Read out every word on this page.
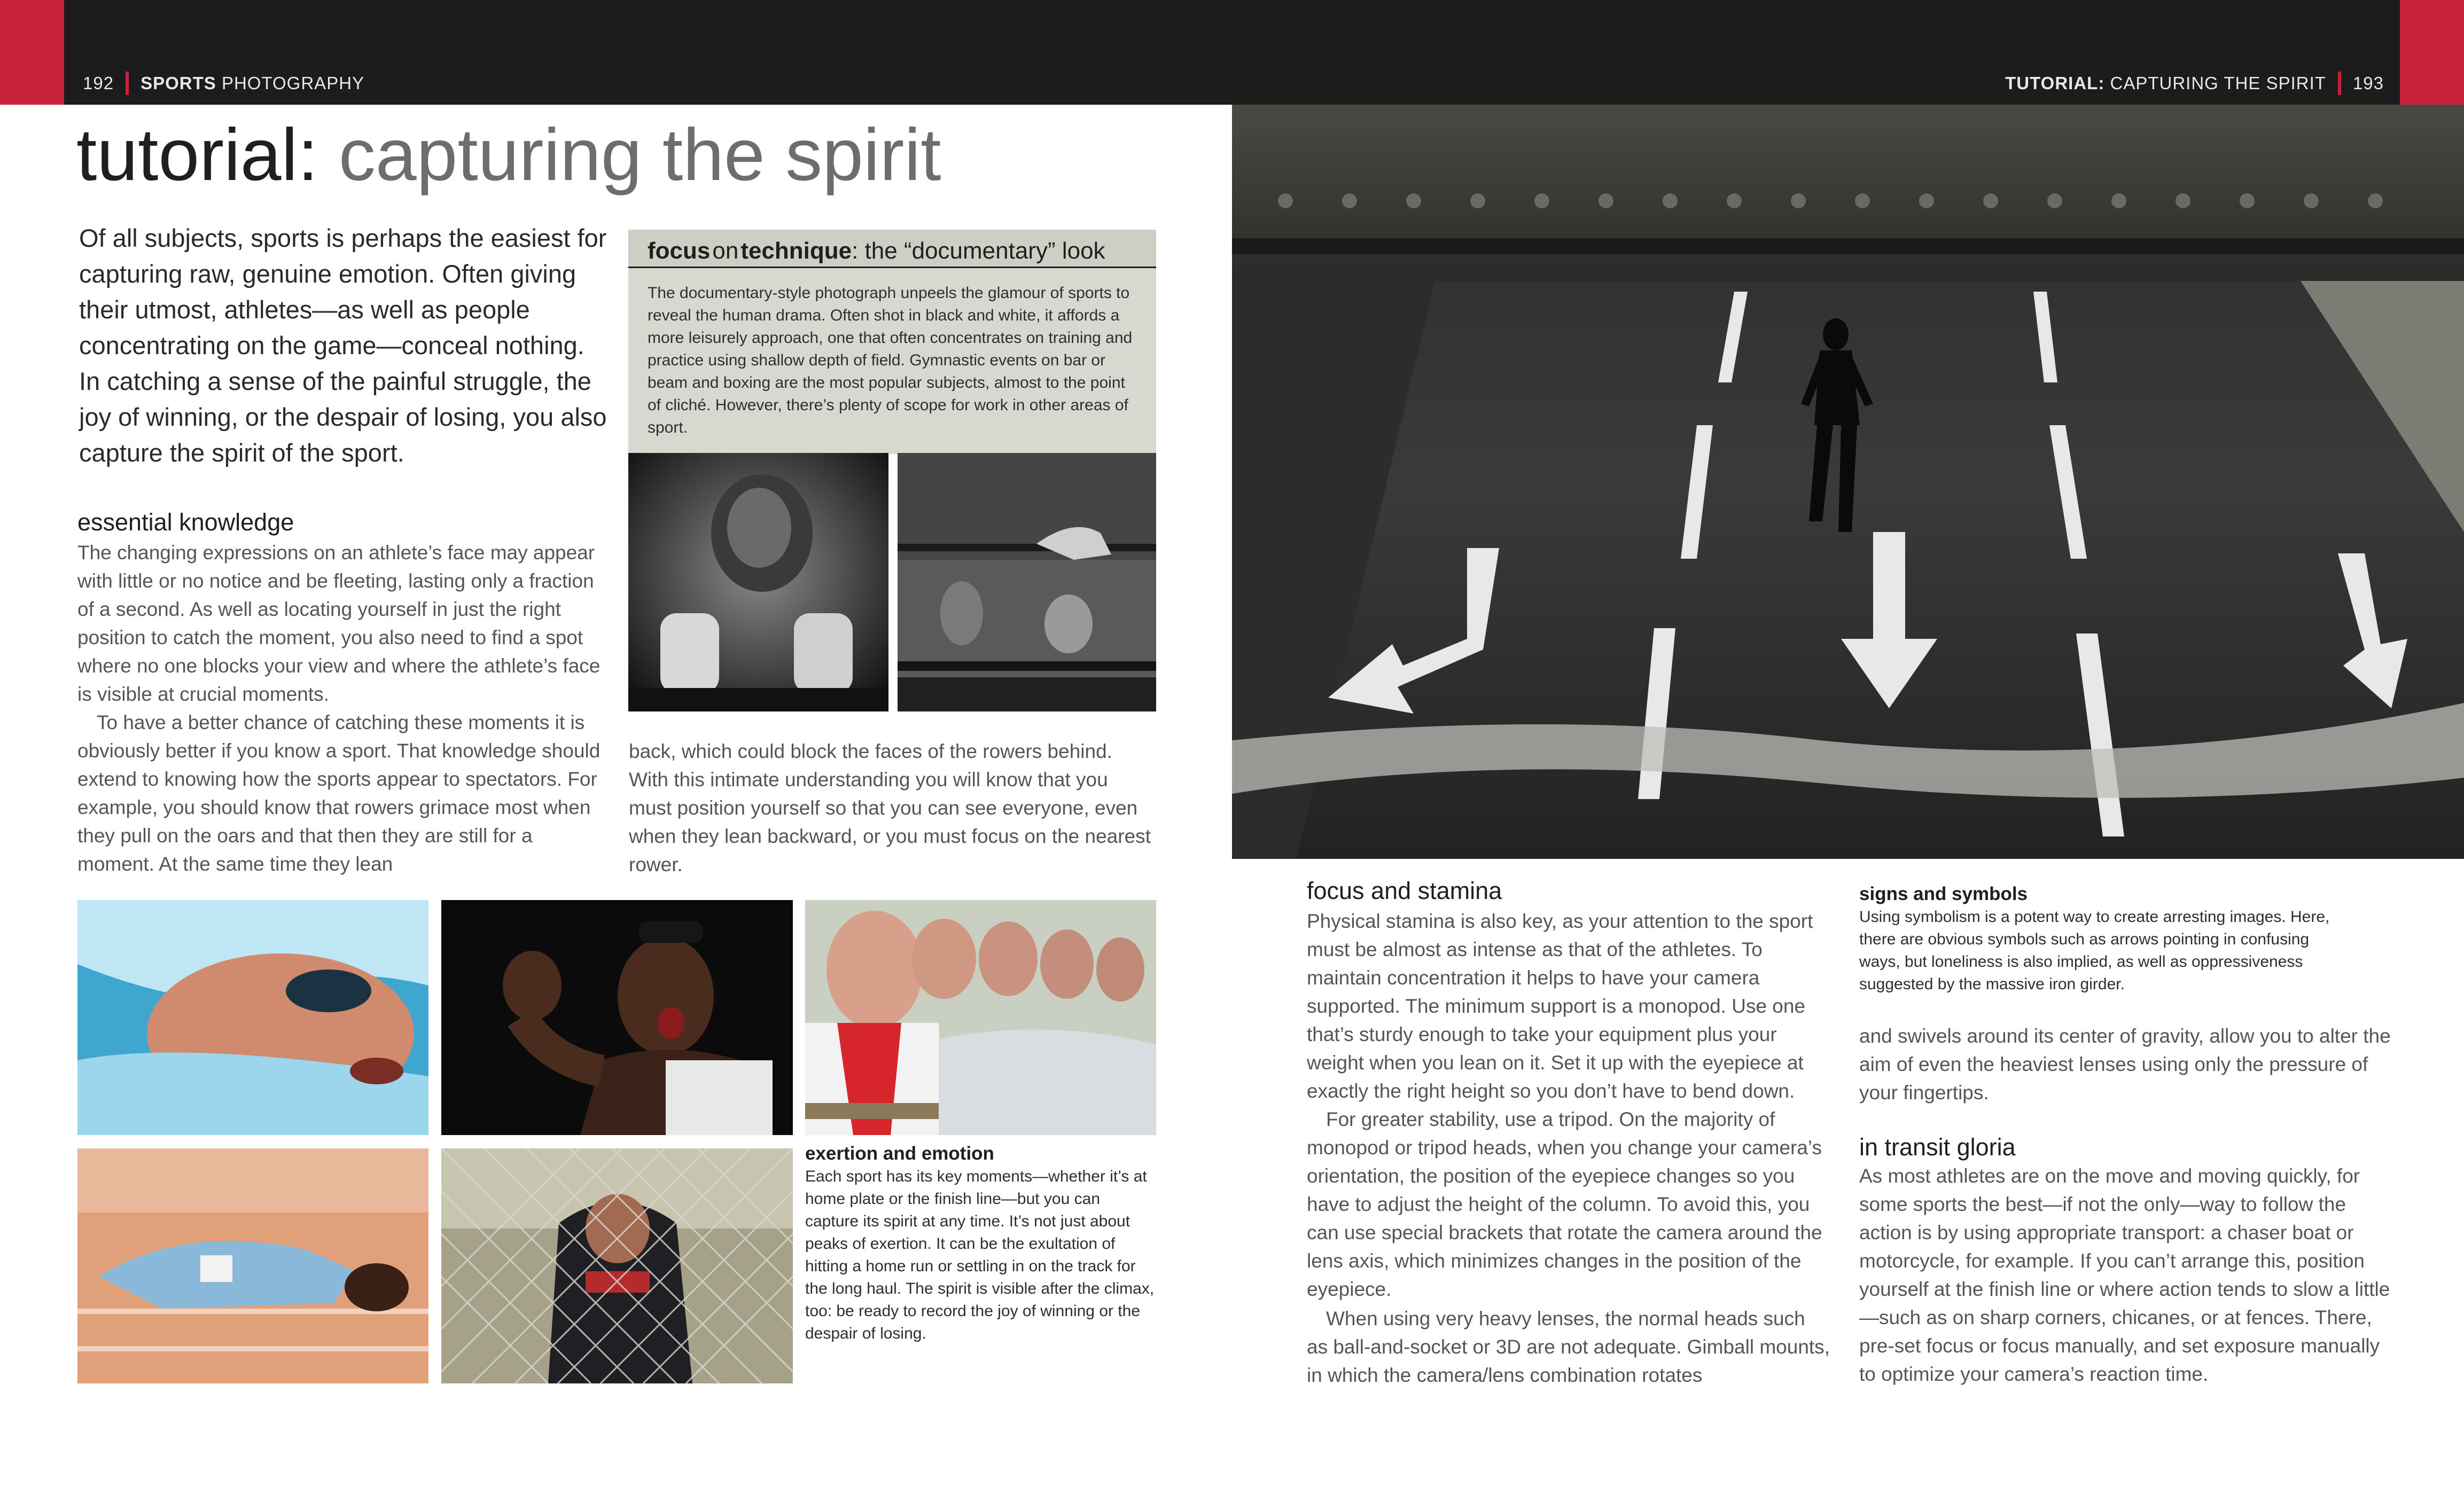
192 SPORTS
PHOTOGRAPHY	TUTORIAL:
CAPTURING THE SPIRIT 193
tutorial: capturing the spirit
Of all subjects, sports is perhaps the easiest for capturing raw, genuine emotion. Often giving their utmost, athletes—as well as people concentrating on the game—conceal nothing. In catching a sense of the painful struggle, the joy of winning, or the despair of losing, you also capture the spirit of the sport.
essential knowledge
The changing expressions on an athlete’s face may appear with little or no notice and be fleeting, lasting only a fraction of a second. As well as locating yourself in just the right position to catch the moment, you also need to find a spot where no one blocks your view and where the athlete’s face is visible at crucial moments.
To have a better chance of catching these moments it is obviously better if you know a sport. That knowledge should extend to knowing how the sports appear to spectators. For example, you should know that rowers grimace most when they pull on the oars and that then they are still for a moment. At the same time they lean
back, which could block the faces of the rowers behind. With this intimate understanding you will know that you must position yourself so that you can see everyone, even when they lean backward, or you must focus on the nearest rower.
focusontechnique: the “documentary” look
The documentary-style photograph unpeels the glamour of sports to reveal the human drama. Often shot in black and white, it affords a more leisurely approach, one that often concentrates on training and practice using shallow depth of field. Gymnastic events on bar or beam and boxing are the most popular subjects, almost to the point of cliché. However, there’s plenty of scope for work in other areas of sport.
exertion and emotion
Each sport has its key moments—whether it’s at home plate or the finish line—but you can capture its spirit at any time. It’s not just about peaks of exertion. It can be the exultation of hitting a home run or settling in on the track for the long haul. The spirit is visible after the climax, too: be ready to record the joy of winning or the despair of losing.
focus and stamina
Physical stamina is also key, as your attention to the sport must be almost as intense as that of the athletes. To maintain concentration it helps to have your camera supported. The minimum support is a monopod. Use one that’s sturdy enough to take your equipment plus your weight when you lean on it. Set it up with the eyepiece at exactly the right height so you don’t have to bend down.
For greater stability, use a tripod. On the majority of monopod or tripod heads, when you change your camera’s orientation, the position of the eyepiece changes so you have to adjust the height of the column. To avoid this, you can use special brackets that rotate the camera around the lens axis, which minimizes changes in the position of the eyepiece.
When using very heavy lenses, the normal heads such as ball-and-socket or 3D are not adequate. Gimball mounts, in which the camera/lens combination rotates
signs and symbols
Using symbolism is a potent way to create arresting images. Here, there are obvious symbols such as arrows pointing in confusing ways, but loneliness is also implied, as well as oppressiveness suggested by the massive iron girder.
and swivels around its center of gravity, allow you to alter the aim of even the heaviest lenses using only the pressure of your fingertips.
in transit gloria
As most athletes are on the move and moving quickly, for some sports the best—if not the only—way to follow the action is by using appropriate transport: a chaser boat or motorcycle, for example. If you can’t arrange this, position yourself at the finish line or where action tends to slow a little—such as on sharp corners, chicanes, or at fences. There, pre-set focus or focus manually, and set exposure manually to optimize your camera’s reaction time.
